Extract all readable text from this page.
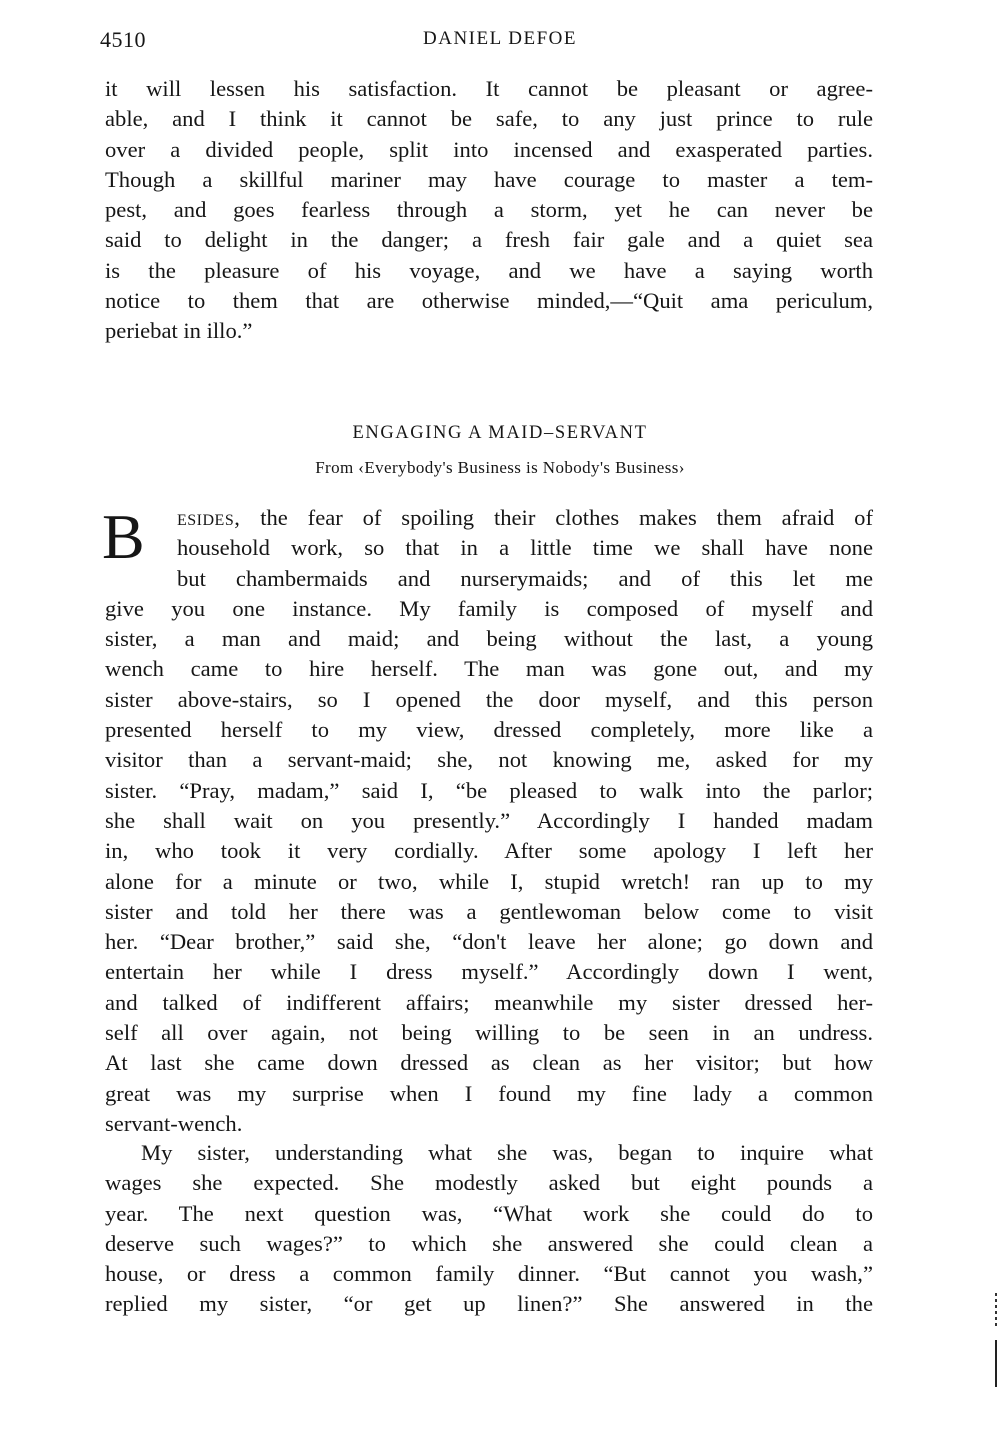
4510	DANIEL DEFOE
it will lessen his satisfaction. It cannot be pleasant or agree-
able, and I think it cannot be safe, to any just prince to rule
over a divided people, split into incensed and exasperated parties.
Though a skillful mariner may have courage to master a tem-
pest, and goes fearless through a storm, yet he can never be
said to delight in the danger; a fresh fair gale and a quiet sea
is the pleasure of his voyage, and we have a saying worth
notice to them that are otherwise minded,—“Quit ama periculum,
periebat in illo.”
ENGAGING A MAID–SERVANT
From ‹Everybody's Business is Nobody's Business›
B	esides, the fear of spoiling their clothes makes them afraid of
household work, so that in a little time we shall have none
but chambermaids and nurserymaids; and of this let me
give you one instance. My family is composed of myself and
sister, a man and maid; and being without the last, a young
wench came to hire herself. The man was gone out, and my
sister above-stairs, so I opened the door myself, and this person
presented herself to my view, dressed completely, more like a
visitor than a servant-maid; she, not knowing me, asked for my
sister. “Pray, madam,” said I, “be pleased to walk into the parlor;
she shall wait on you presently.” Accordingly I handed madam
in, who took it very cordially. After some apology I left her
alone for a minute or two, while I, stupid wretch! ran up to my
sister and told her there was a gentlewoman below come to visit
her. “Dear brother,” said she, “don't leave her alone; go down and
entertain her while I dress myself.” Accordingly down I went,
and talked of indifferent affairs; meanwhile my sister dressed her-
self all over again, not being willing to be seen in an undress.
At last she came down dressed as clean as her visitor; but how
great was my surprise when I found my fine lady a common
servant-wench.
My sister, understanding what she was, began to inquire what
wages she expected. She modestly asked but eight pounds a
year. The next question was, “What work she could do to
deserve such wages?” to which she answered she could clean a
house, or dress a common family dinner. “But cannot you wash,”
replied my sister, “or get up linen?” She answered in the
